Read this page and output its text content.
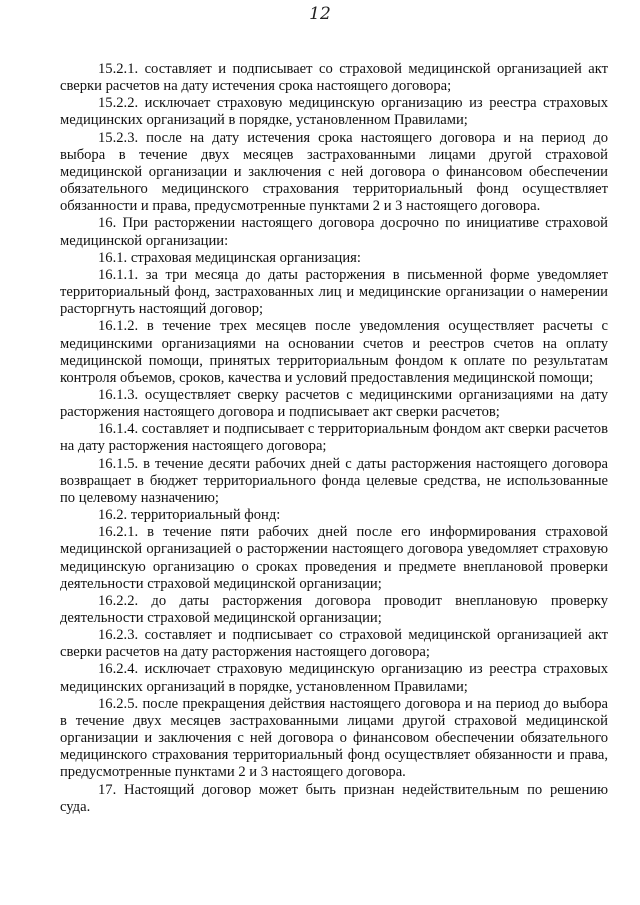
12

15.2.1. составляет и подписывает со страховой медицинской организацией акт сверки расчетов на дату истечения срока настоящего договора;

15.2.2. исключает страховую медицинскую организацию из реестра страховых медицинских организаций в порядке, установленном Правилами;

15.2.3. после на дату истечения срока настоящего договора и на период до выбора в течение двух месяцев застрахованными лицами другой страховой медицинской организации и заключения с ней договора о финансовом обеспечении обязательного медицинского страхования территориальный фонд осуществляет обязанности и права, предусмотренные пунктами 2 и 3 настоящего договора.

16. При расторжении настоящего договора досрочно по инициативе страховой медицинской организации:

16.1. страховая медицинская организация:

16.1.1. за три месяца до даты расторжения в письменной форме уведомляет территориальный фонд, застрахованных лиц и медицинские организации о намерении расторгнуть настоящий договор;

16.1.2. в течение трех месяцев после уведомления осуществляет расчеты с медицинскими организациями на основании счетов и реестров счетов на оплату медицинской помощи, принятых территориальным фондом к оплате по результатам контроля объемов, сроков, качества и условий предоставления медицинской помощи;

16.1.3. осуществляет сверку расчетов с медицинскими организациями на дату расторжения настоящего договора и подписывает акт сверки расчетов;

16.1.4. составляет и подписывает с территориальным фондом акт сверки расчетов на дату расторжения настоящего договора;

16.1.5. в течение десяти рабочих дней с даты расторжения настоящего договора возвращает в бюджет территориального фонда целевые средства, не использованные по целевому назначению;

16.2. территориальный фонд:

16.2.1. в течение пяти рабочих дней после его информирования страховой медицинской организацией о расторжении настоящего договора уведомляет страховую медицинскую организацию о сроках проведения и предмете внеплановой проверки деятельности страховой медицинской организации;

16.2.2. до даты расторжения договора проводит внеплановую проверку деятельности страховой медицинской организации;

16.2.3. составляет и подписывает со страховой медицинской организацией акт сверки расчетов на дату расторжения настоящего договора;

16.2.4. исключает страховую медицинскую организацию из реестра страховых медицинских организаций в порядке, установленном Правилами;

16.2.5. после прекращения действия настоящего договора и на период до выбора в течение двух месяцев застрахованными лицами другой страховой медицинской организации и заключения с ней договора о финансовом обеспечении обязательного медицинского страхования территориальный фонд осуществляет обязанности и права, предусмотренные пунктами 2 и 3 настоящего договора.

17. Настоящий договор может быть признан недействительным по решению суда.
